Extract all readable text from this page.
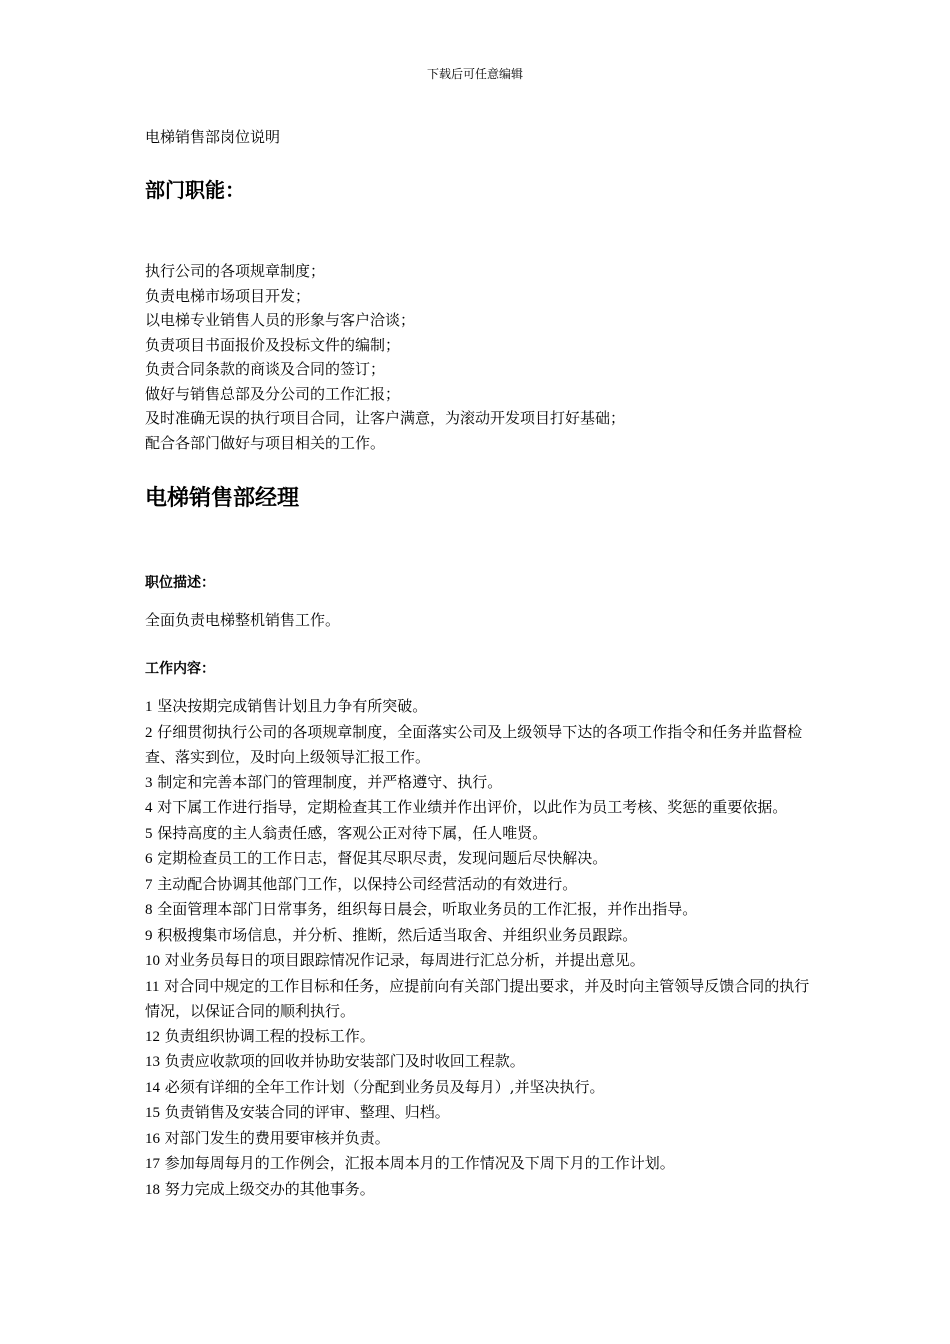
下载后可任意编辑
电梯销售部岗位说明
部门职能：
执行公司的各项规章制度；
负责电梯市场项目开发；
以电梯专业销售人员的形象与客户洽谈；
负责项目书面报价及投标文件的编制；
负责合同条款的商谈及合同的签订；
做好与销售总部及分公司的工作汇报；
及时准确无误的执行项目合同，让客户满意，为滚动开发项目打好基础；
配合各部门做好与项目相关的工作。
电梯销售部经理
职位描述：
全面负责电梯整机销售工作。
工作内容：
1 坚决按期完成销售计划且力争有所突破。
2 仔细贯彻执行公司的各项规章制度，全面落实公司及上级领导下达的各项工作指令和任务并监督检查、落实到位，及时向上级领导汇报工作。
3 制定和完善本部门的管理制度，并严格遵守、执行。
4 对下属工作进行指导，定期检查其工作业绩并作出评价，以此作为员工考核、奖惩的重要依据。
5 保持高度的主人翁责任感，客观公正对待下属，任人唯贤。
6 定期检查员工的工作日志，督促其尽职尽责，发现问题后尽快解决。
7 主动配合协调其他部门工作，以保持公司经营活动的有效进行。
8 全面管理本部门日常事务，组织每日晨会，听取业务员的工作汇报，并作出指导。
9 积极搜集市场信息，并分析、推断，然后适当取舍、并组织业务员跟踪。
10 对业务员每日的项目跟踪情况作记录，每周进行汇总分析，并提出意见。
11 对合同中规定的工作目标和任务，应提前向有关部门提出要求，并及时向主管领导反馈合同的执行情况，以保证合同的顺利执行。
12 负责组织协调工程的投标工作。
13 负责应收款项的回收并协助安装部门及时收回工程款。
14 必须有详细的全年工作计划（分配到业务员及每月）,并坚决执行。
15 负责销售及安装合同的评审、整理、归档。
16 对部门发生的费用要审核并负责。
17 参加每周每月的工作例会，汇报本周本月的工作情况及下周下月的工作计划。
18 努力完成上级交办的其他事务。
